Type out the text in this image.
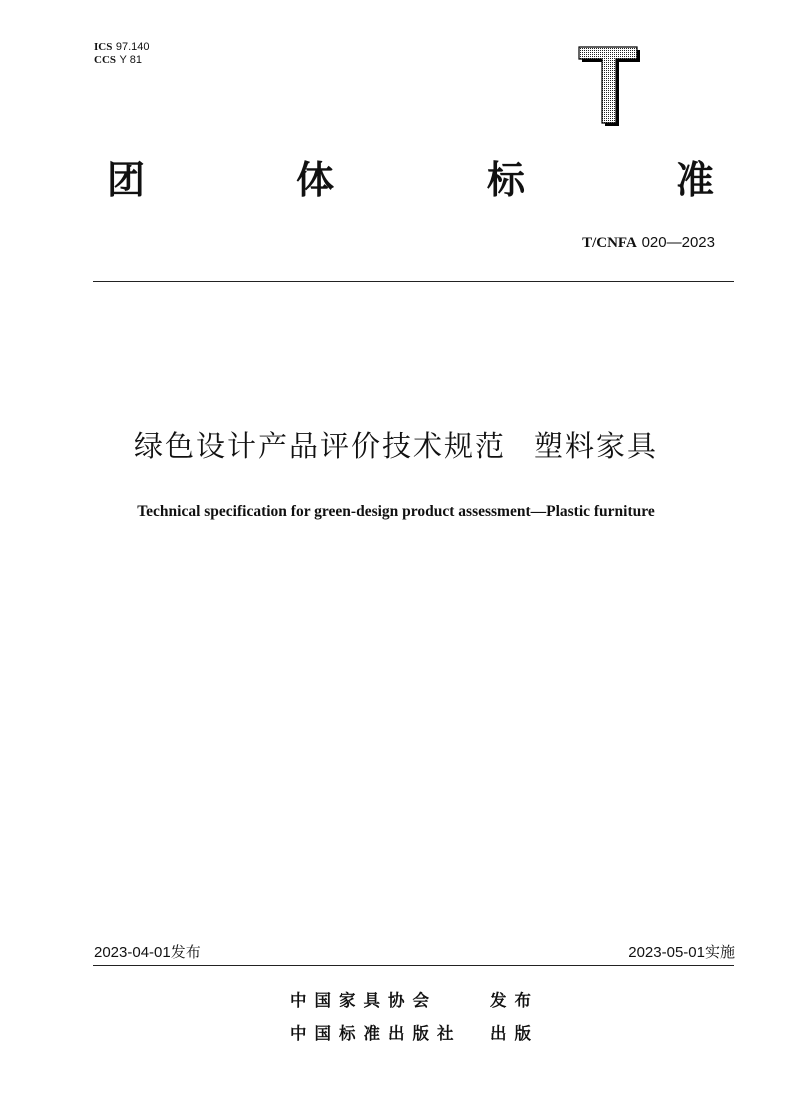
ICS 97.140
CCS Y 81
团	体	标	准
T/CNFA 020—2023
绿色设计产品评价技术规范 塑料家具
Technical specification for green-design product assessment—Plastic furniture
2023-04-01发布	2023-05-01实施
中国家具协会	发布
中国标准出版社 出版
